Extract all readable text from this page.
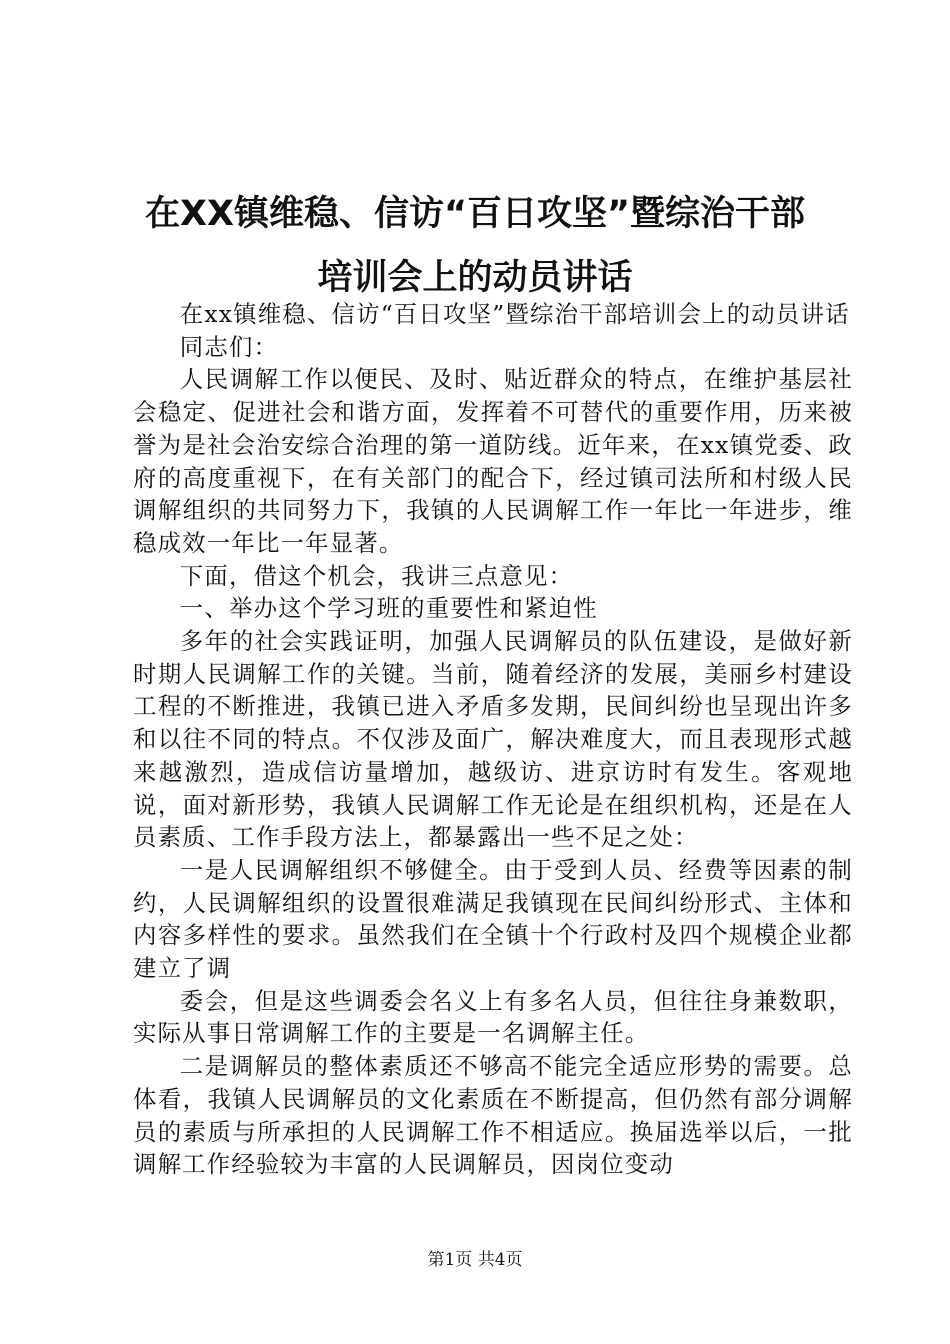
在XX镇维稳、信访“百日攻坚”暨综治干部
培训会上的动员讲话

在xx镇维稳、信访“百日攻坚”暨综治干部培训会上的动员讲话

同志们：

人民调解工作以便民、及时、贴近群众的特点，在维护基层社会稳定、促进社会和谐方面，发挥着不可替代的重要作用，历来被誉为是社会治安综合治理的第一道防线。近年来，在xx镇党委、政府的高度重视下，在有关部门的配合下，经过镇司法所和村级人民调解组织的共同努力下，我镇的人民调解工作一年比一年进步，维稳成效一年比一年显著。

下面，借这个机会，我讲三点意见：

一、举办这个学习班的重要性和紧迫性

多年的社会实践证明，加强人民调解员的队伍建设，是做好新时期人民调解工作的关键。当前，随着经济的发展，美丽乡村建设工程的不断推进，我镇已进入矛盾多发期，民间纠纷也呈现出许多和以往不同的特点。不仅涉及面广，解决难度大，而且表现形式越来越激烈，造成信访量增加，越级访、进京访时有发生。客观地说，面对新形势，我镇人民调解工作无论是在组织机构，还是在人员素质、工作手段方法上，都暴露出一些不足之处：

一是人民调解组织不够健全。由于受到人员、经费等因素的制约，人民调解组织的设置很难满足我镇现在民间纠纷形式、主体和内容多样性的要求。虽然我们在全镇十个行政村及四个规模企业都建立了调

委会，但是这些调委会名义上有多名人员，但往往身兼数职，实际从事日常调解工作的主要是一名调解主任。

二是调解员的整体素质还不够高不能完全适应形势的需要。总体看，我镇人民调解员的文化素质在不断提高，但仍然有部分调解员的素质与所承担的人民调解工作不相适应。换届选举以后，一批调解工作经验较为丰富的人民调解员，因岗位变动

第1页 共4页
